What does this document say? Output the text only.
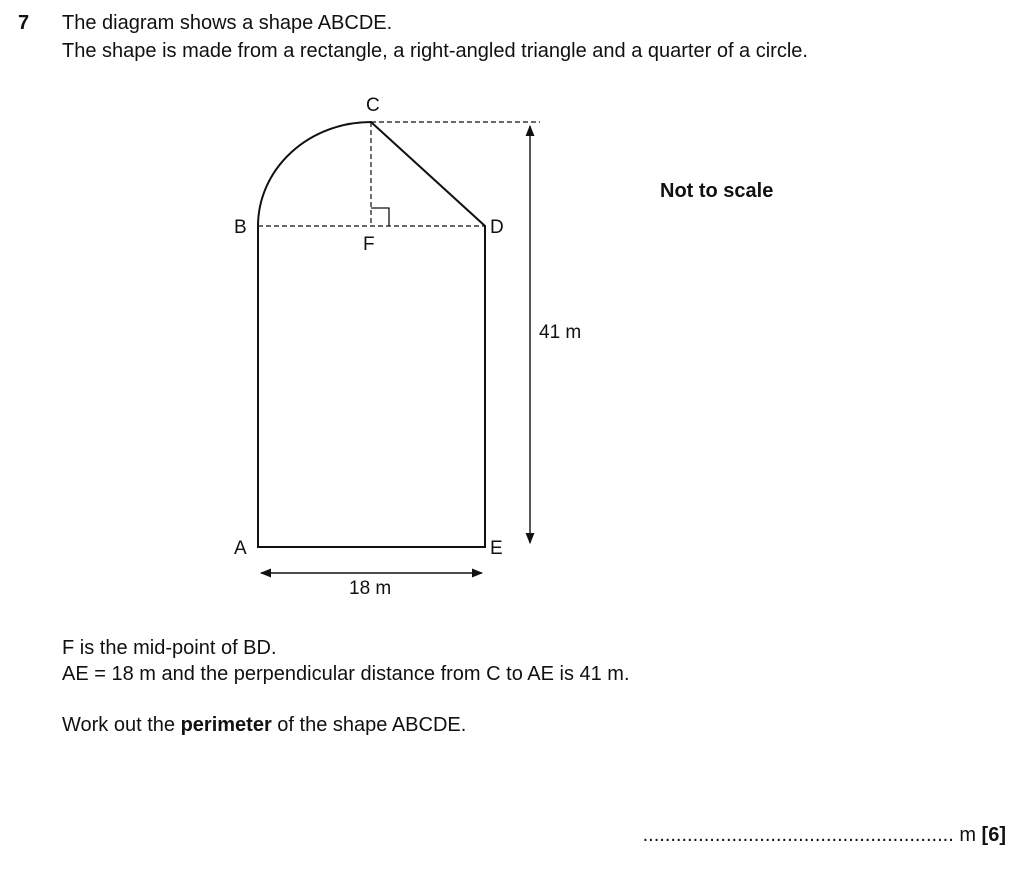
7 The diagram shows a shape ABCDE.
The shape is made from a rectangle, a right-angled triangle and a quarter of a circle.
C
B
F
D
A	E
41 m
18 m
Not to scale
F is the mid-point of BD.
AE = 18 m and the perpendicular distance from C to AE is 41 m.
Work out the perimeter of the shape ABCDE.
........................................................ m [6]
